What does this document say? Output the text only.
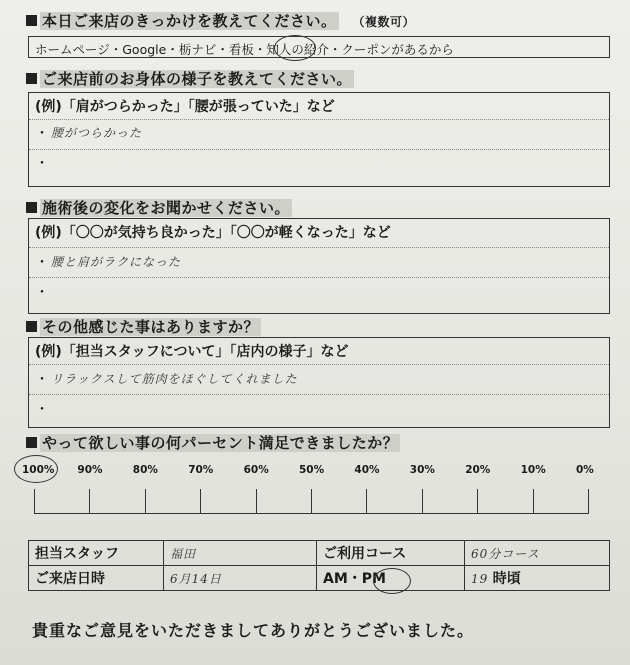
本日ご来店のきっかけを教えてください。 （複数可）
ホームページ・Google・栃ナビ・看板・知人の紹介・クーポンがあるから
ご来店前のお身体の様子を教えてください。
(例)「肩がつらかった」「腰が張っていた」など
・ 腰がつらかった
・
施術後の変化をお聞かせください。
(例)「〇〇が気持ち良かった」「〇〇が軽くなった」など
・ 腰と肩がラクになった
・
その他感じた事はありますか？
(例)「担当スタッフについて」「店内の様子」など
・ リラックスして筋肉をほぐしてくれました
・
やって欲しい事の何パーセント満足できましたか？
100% 90%	80%	70%	60%	50%	40%	30%	20%	10%	0%
担当スタッフ	福田	ご利用コース	60分コース
ご来店日時	6月14日	AM・PM	19 時頃
貴重なご意見をいただきましてありがとうございました。
